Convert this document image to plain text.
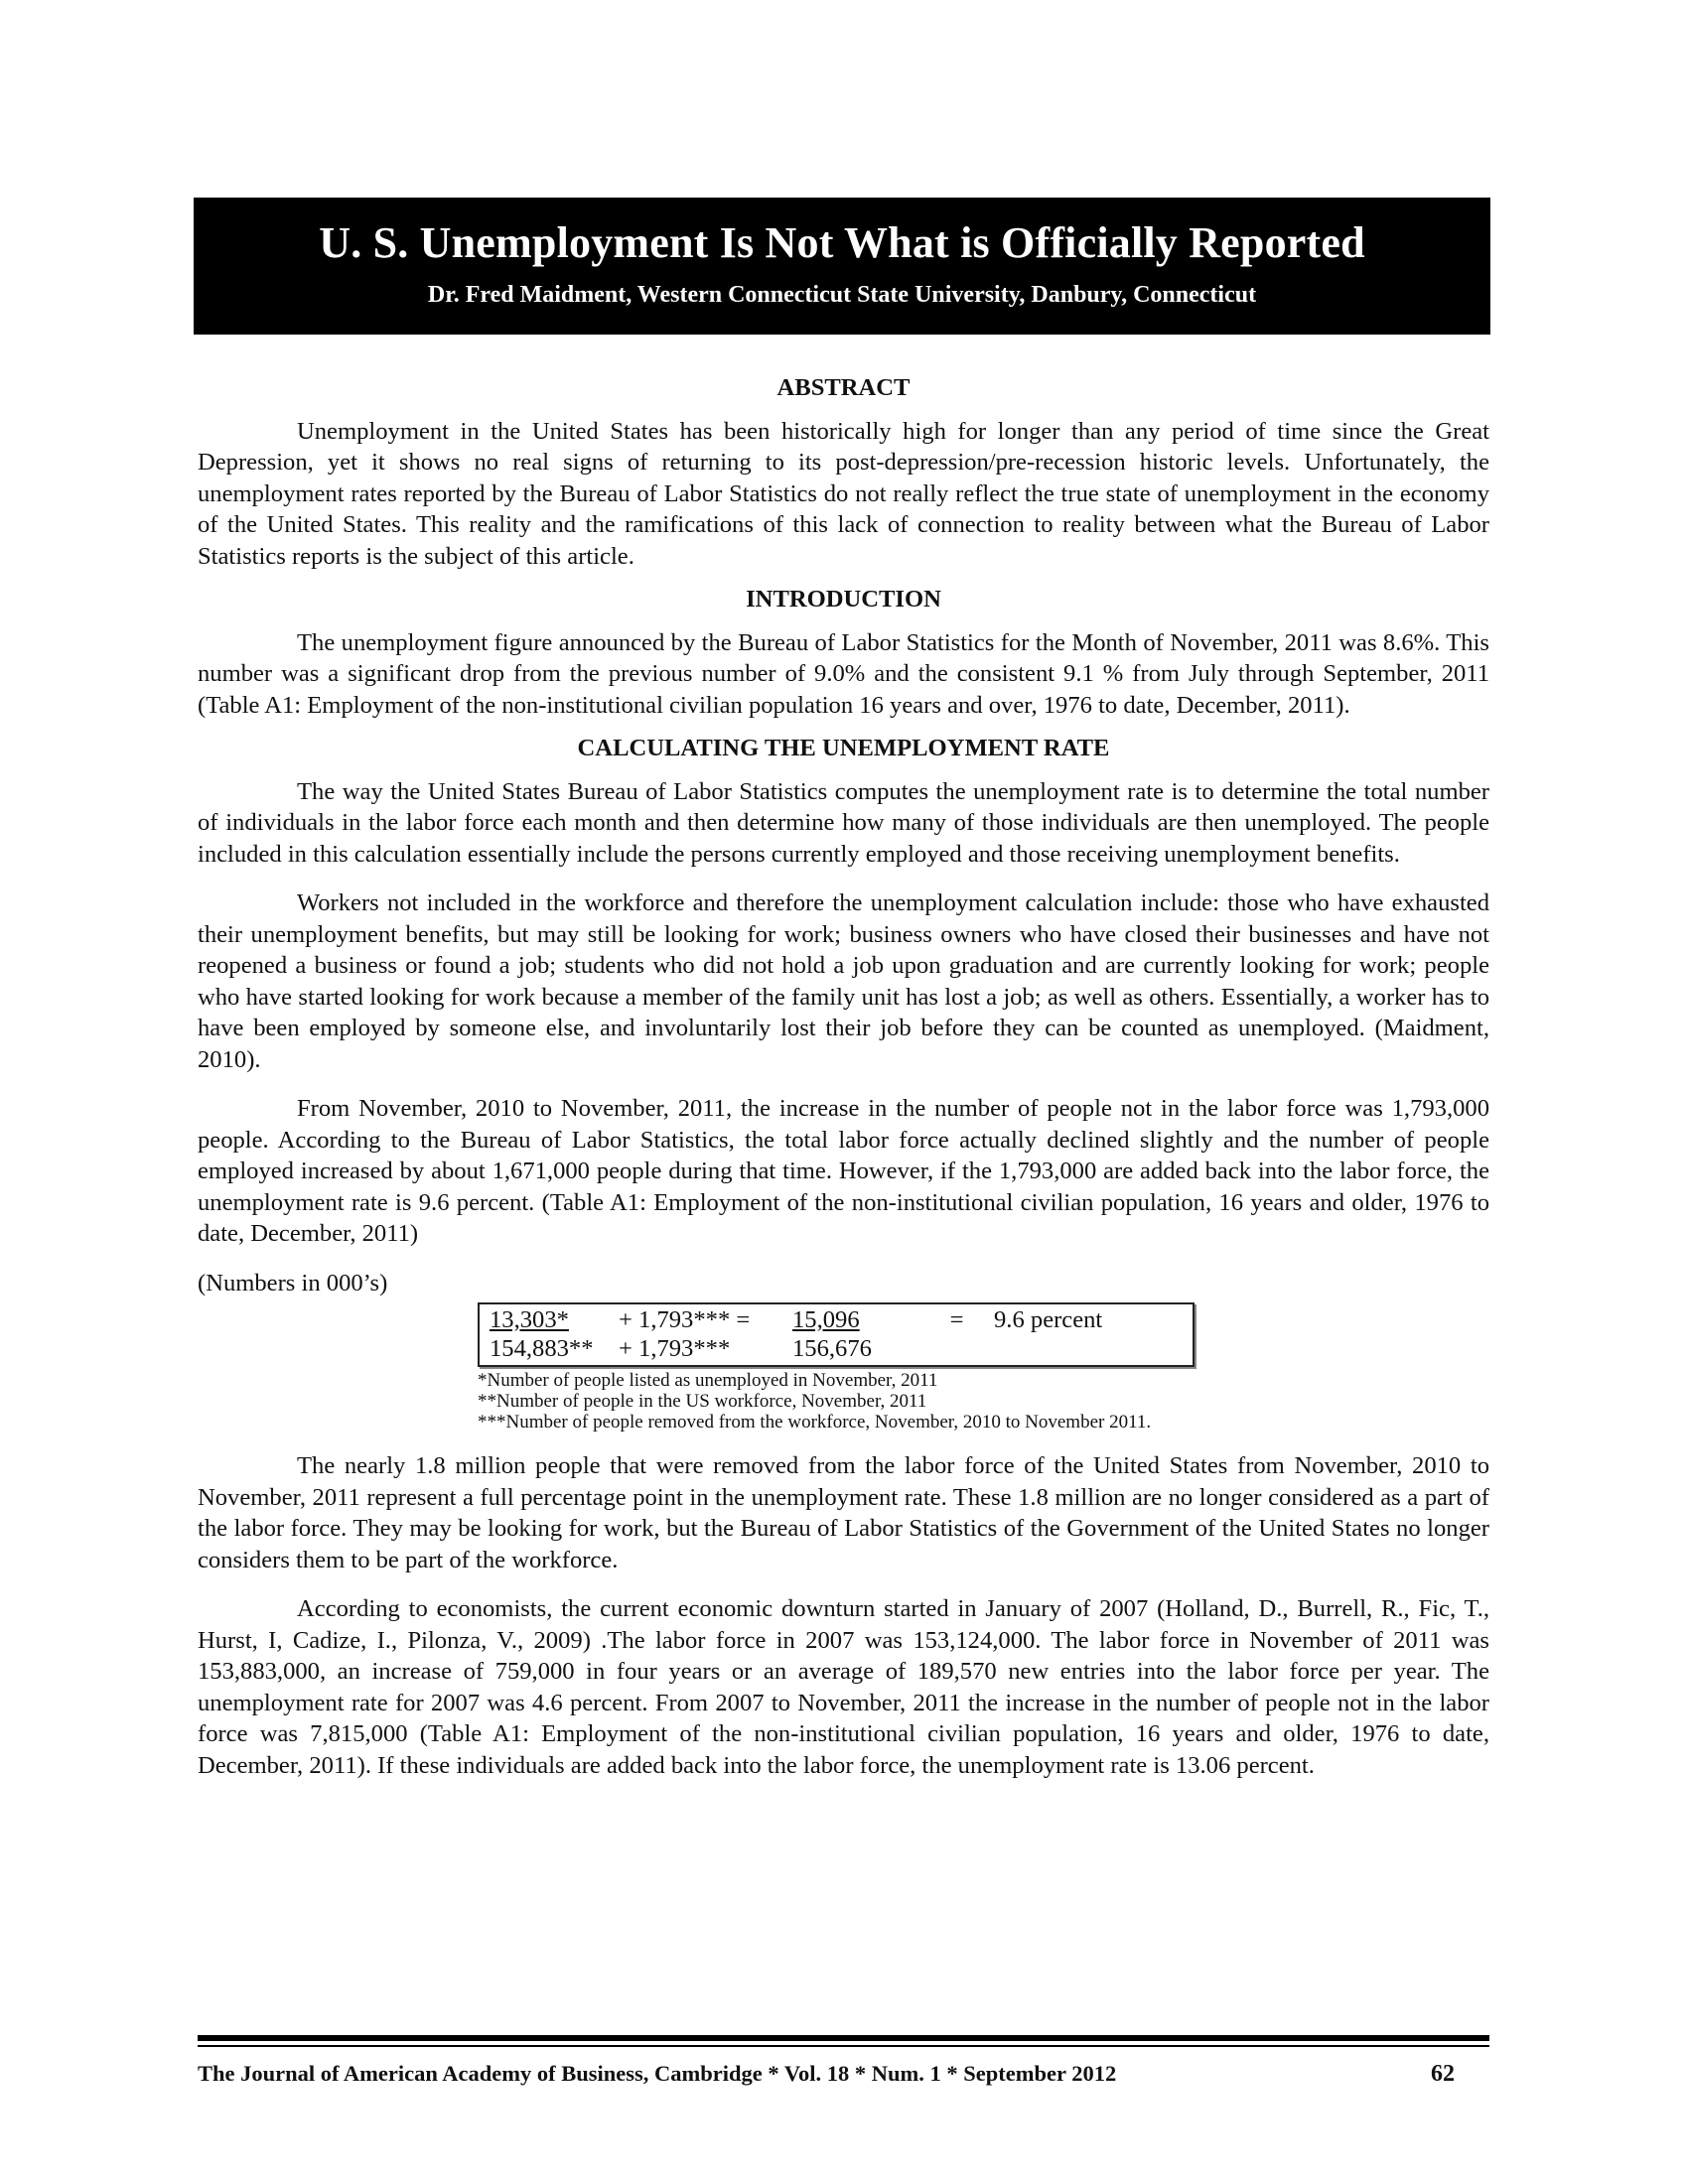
U. S. Unemployment Is Not What is Officially Reported
Dr. Fred Maidment, Western Connecticut State University, Danbury, Connecticut
ABSTRACT

Unemployment in the United States has been historically high for longer than any period of time since the Great Depression, yet it shows no real signs of returning to its post-depression/pre-recession historic levels. Unfortunately, the unemployment rates reported by the Bureau of Labor Statistics do not really reflect the true state of unemployment in the economy of the United States. This reality and the ramifications of this lack of connection to reality between what the Bureau of Labor Statistics reports is the subject of this article.

INTRODUCTION

The unemployment figure announced by the Bureau of Labor Statistics for the Month of November, 2011 was 8.6%. This number was a significant drop from the previous number of 9.0% and the consistent 9.1 % from July through September, 2011 (Table A1: Employment of the non-institutional civilian population 16 years and over, 1976 to date, December, 2011).

CALCULATING THE UNEMPLOYMENT RATE

The way the United States Bureau of Labor Statistics computes the unemployment rate is to determine the total number of individuals in the labor force each month and then determine how many of those individuals are then unemployed. The people included in this calculation essentially include the persons currently employed and those receiving unemployment benefits.

Workers not included in the workforce and therefore the unemployment calculation include: those who have exhausted their unemployment benefits, but may still be looking for work; business owners who have closed their businesses and have not reopened a business or found a job; students who did not hold a job upon graduation and are currently looking for work; people who have started looking for work because a member of the family unit has lost a job; as well as others. Essentially, a worker has to have been employed by someone else, and involuntarily lost their job before they can be counted as unemployed. (Maidment, 2010).

From November, 2010 to November, 2011, the increase in the number of people not in the labor force was 1,793,000 people. According to the Bureau of Labor Statistics, the total labor force actually declined slightly and the number of people employed increased by about 1,671,000 people during that time. However, if the 1,793,000 are added back into the labor force, the unemployment rate is 9.6 percent. (Table A1: Employment of the non-institutional civilian population, 16 years and older, 1976 to date, December, 2011)

(Numbers in 000’s)

13,303*	+ 1,793*** =	15,096	=	9.6 percent
154,883**	+ 1,793***	156,676
*Number of people listed as unemployed in November, 2011
**Number of people in the US workforce, November, 2011
***Number of people removed from the workforce, November, 2010 to November 2011.

The nearly 1.8 million people that were removed from the labor force of the United States from November, 2010 to November, 2011 represent a full percentage point in the unemployment rate. These 1.8 million are no longer considered as a part of the labor force. They may be looking for work, but the Bureau of Labor Statistics of the Government of the United States no longer considers them to be part of the workforce.

According to economists, the current economic downturn started in January of 2007 (Holland, D., Burrell, R., Fic, T., Hurst, I, Cadize, I., Pilonza, V., 2009) .The labor force in 2007 was 153,124,000. The labor force in November of 2011 was 153,883,000, an increase of 759,000 in four years or an average of 189,570 new entries into the labor force per year. The unemployment rate for 2007 was 4.6 percent. From 2007 to November, 2011 the increase in the number of people not in the labor force was 7,815,000 (Table A1: Employment of the non-institutional civilian population, 16 years and older, 1976 to date, December, 2011). If these individuals are added back into the labor force, the unemployment rate is 13.06 percent.

The Journal of American Academy of Business, Cambridge * Vol. 18 * Num. 1 * September 2012	62
